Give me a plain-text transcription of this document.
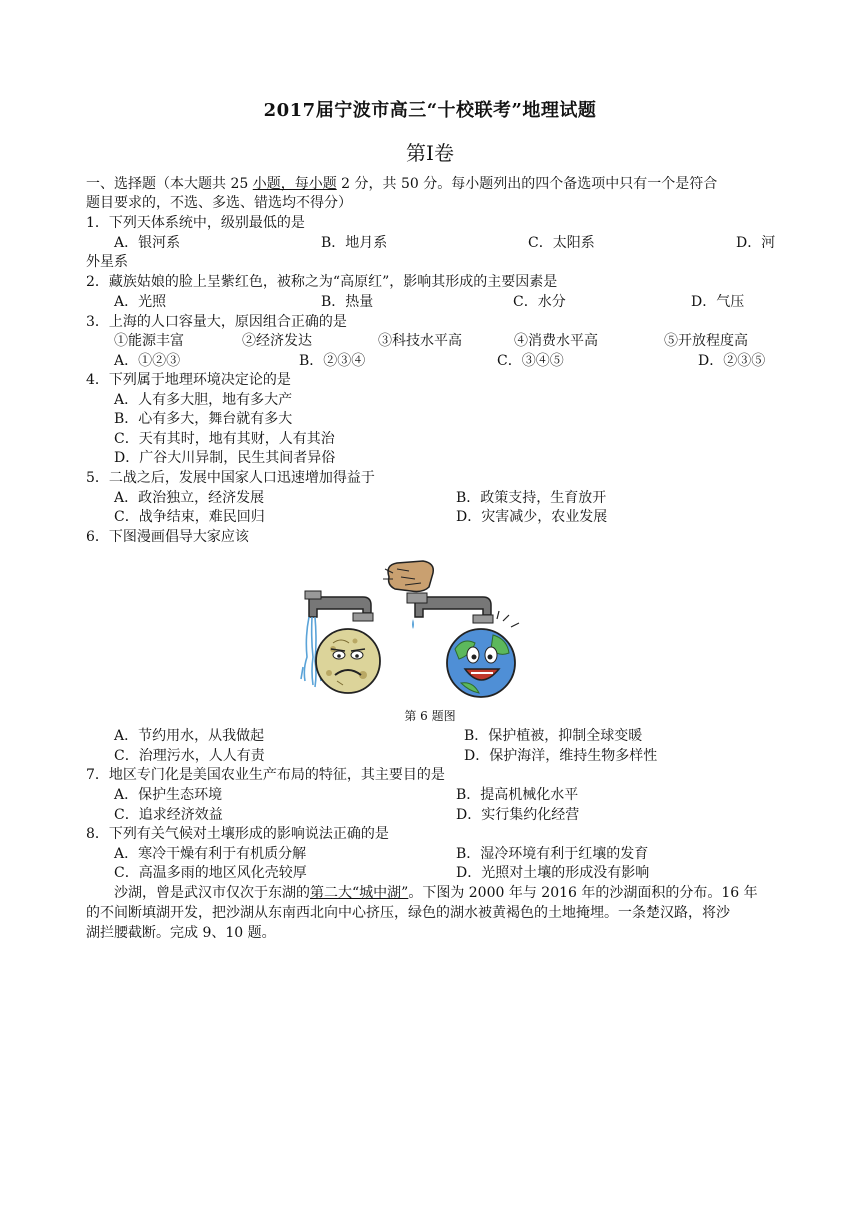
2017届宁波市高三“十校联考”地理试题
第Ⅰ卷
一、选择题（本大题共 25 小题，每小题 2 分，共 50 分。每小题列出的四个备选项中只有一个是符合
题目要求的，不选、多选、错选均不得分）
1．下列天体系统中，级别最低的是
A．银河系	B．地月系	C．太阳系	D．河
外星系
2．藏族姑娘的脸上呈紫红色，被称之为“高原红”，影响其形成的主要因素是
A．光照	B．热量	C．水分	D．气压
3．上海的人口容量大，原因组合正确的是
①能源丰富	②经济发达	③科技水平高	④消费水平高	⑤开放程度高
A．①②③	B．②③④	C．③④⑤	D．②③⑤
4．下列属于地理环境决定论的是
A．人有多大胆，地有多大产
B．心有多大，舞台就有多大
C．天有其时，地有其财，人有其治
D．广谷大川异制，民生其间者异俗
5．二战之后，发展中国家人口迅速增加得益于
A．政治独立，经济发展	B．政策支持，生育放开
C．战争结束，难民回归	D．灾害减少，农业发展
6．下图漫画倡导大家应该
第 6 题图
A．节约用水，从我做起	B．保护植被，抑制全球变暖
C．治理污水，人人有责	D．保护海洋，维持生物多样性
7．地区专门化是美国农业生产布局的特征，其主要目的是
A．保护生态环境	B．提高机械化水平
C．追求经济效益	D．实行集约化经营
8．下列有关气候对土壤形成的影响说法正确的是
A．寒冷干燥有利于有机质分解	B．湿冷环境有利于红壤的发育
C．高温多雨的地区风化壳较厚	D．光照对土壤的形成没有影响
沙湖，曾是武汉市仅次于东湖的第二大“城中湖”。下图为 2000 年与 2016 年的沙湖面积的分布。16 年
的不间断填湖开发，把沙湖从东南西北向中心挤压，绿色的湖水被黄褐色的土地掩埋。一条楚汉路，将沙
湖拦腰截断。完成 9、10 题。
